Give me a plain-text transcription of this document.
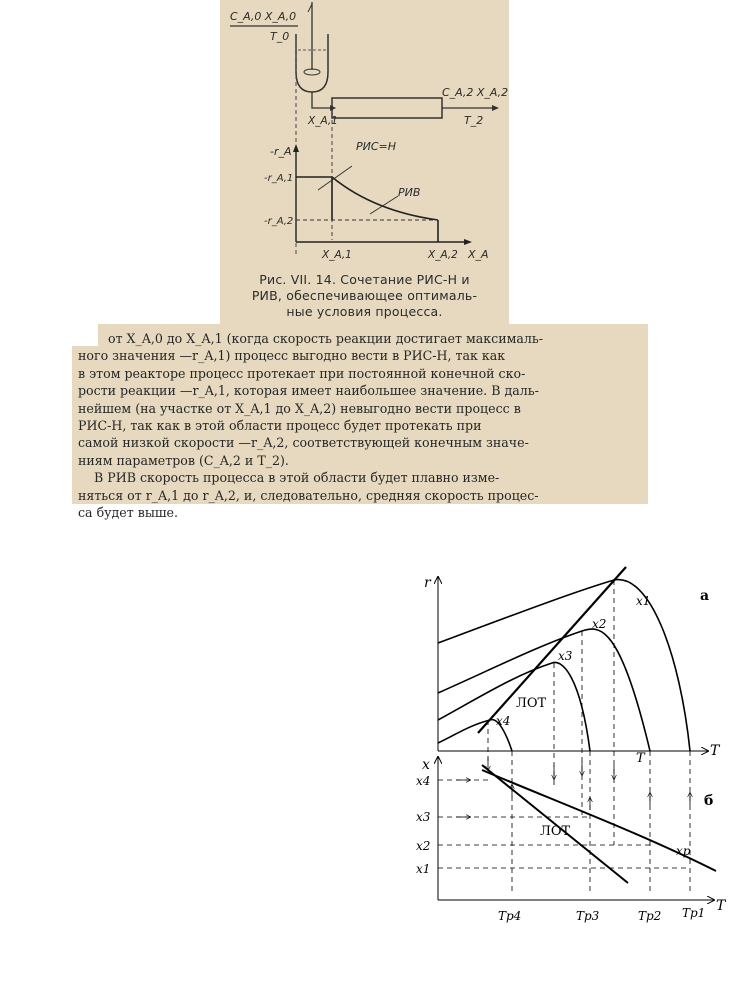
C_A,0 X_A,0
T_0
C_A,2 X_A,2
T_2
X_A,1
-r_A
X_A
-r_A,1
-r_A,2
X_A,1	X_A,2
РИС=Н
РИВ
Рис. VII. 14. Сочетание РИС-Н и
РИВ, обеспечивающее оптималь-
ные условия процесса.
от X_A,0 до X_A,1 (когда скорость реакции достигает максималь-
ного значения —r_A,1) процесс выгодно вести в РИС-Н, так как
в этом реакторе процесс протекает при постоянной конечной ско-
рости реакции —r_A,1, которая имеет наибольшее значение. В даль-
нейшем (на участке от X_A,1 до X_A,2) невыгодно вести процесс в
РИС-Н, так как в этой области процесс будет протекать при
самой низкой скорости —r_A,2, соответствующей конечным значе-
ниям параметров (C_A,2 и T_2).
В РИВ скорость процесса в этой области будет плавно изме-
няться от r_A,1 до r_A,2, и, следовательно, средняя скорость процес-
са будет выше.
r
T
а
T
ЛОТ
x1
x2
x3
x4
x
T
б
ЛОТ
xр
x4
x3
x2
x1
Tр4	Tр3	Tр2 Tр1
